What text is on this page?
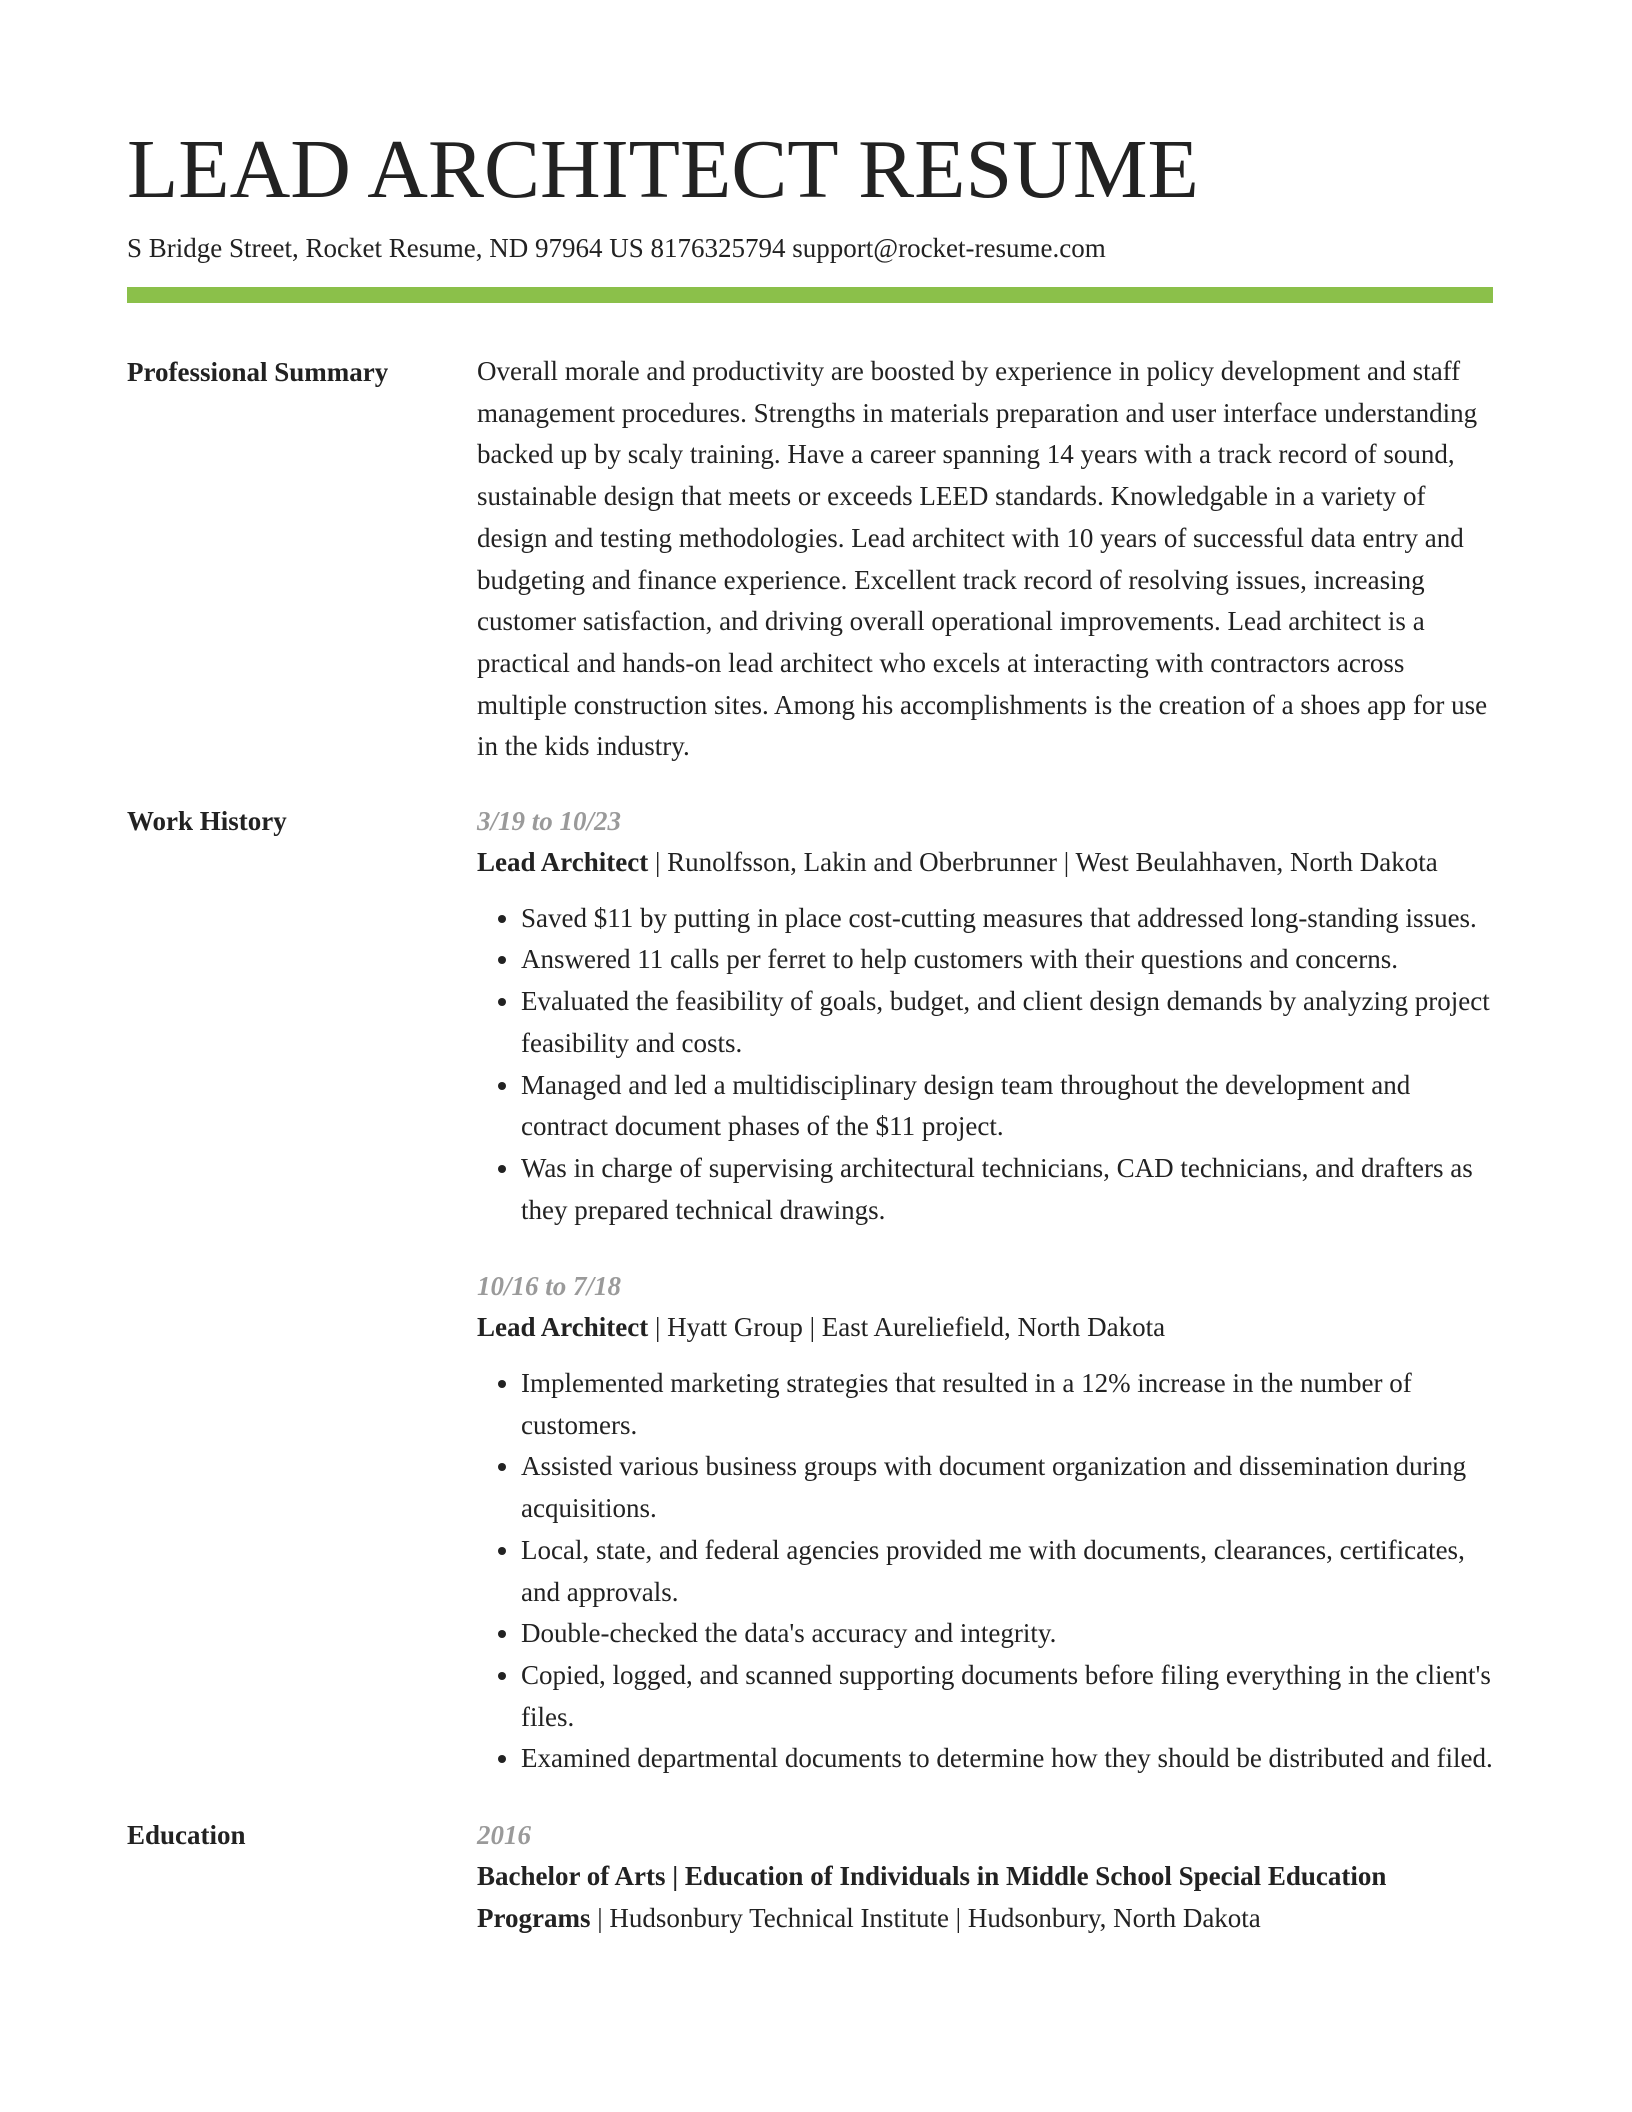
LEAD ARCHITECT RESUME
S Bridge Street, Rocket Resume, ND 97964 US 8176325794 support@rocket-resume.com
Professional Summary	Overall morale and productivity are boosted by experience in policy development and staff management procedures. Strengths in materials preparation and user interface understanding backed up by scaly training. Have a career spanning 14 years with a track record of sound, sustainable design that meets or exceeds LEED standards. Knowledgable in a variety of design and testing methodologies. Lead architect with 10 years of successful data entry and budgeting and finance experience. Excellent track record of resolving issues, increasing customer satisfaction, and driving overall operational improvements. Lead architect is a practical and hands-on lead architect who excels at interacting with contractors across multiple construction sites. Among his accomplishments is the creation of a shoes app for use in the kids industry.
Work History	3/19 to 10/23
Lead Architect | Runolfsson, Lakin and Oberbrunner | West Beulahhaven, North Dakota
• Saved $11 by putting in place cost-cutting measures that addressed long-standing issues.
• Answered 11 calls per ferret to help customers with their questions and concerns.
• Evaluated the feasibility of goals, budget, and client design demands by analyzing project feasibility and costs.
• Managed and led a multidisciplinary design team throughout the development and contract document phases of the $11 project.
• Was in charge of supervising architectural technicians, CAD technicians, and drafters as they prepared technical drawings.
10/16 to 7/18
Lead Architect | Hyatt Group | East Aureliefield, North Dakota
• Implemented marketing strategies that resulted in a 12% increase in the number of customers.
• Assisted various business groups with document organization and dissemination during acquisitions.
• Local, state, and federal agencies provided me with documents, clearances, certificates, and approvals.
• Double-checked the data's accuracy and integrity.
• Copied, logged, and scanned supporting documents before filing everything in the client's files.
• Examined departmental documents to determine how they should be distributed and filed.
Education	2016
Bachelor of Arts | Education of Individuals in Middle School Special Education Programs | Hudsonbury Technical Institute | Hudsonbury, North Dakota
